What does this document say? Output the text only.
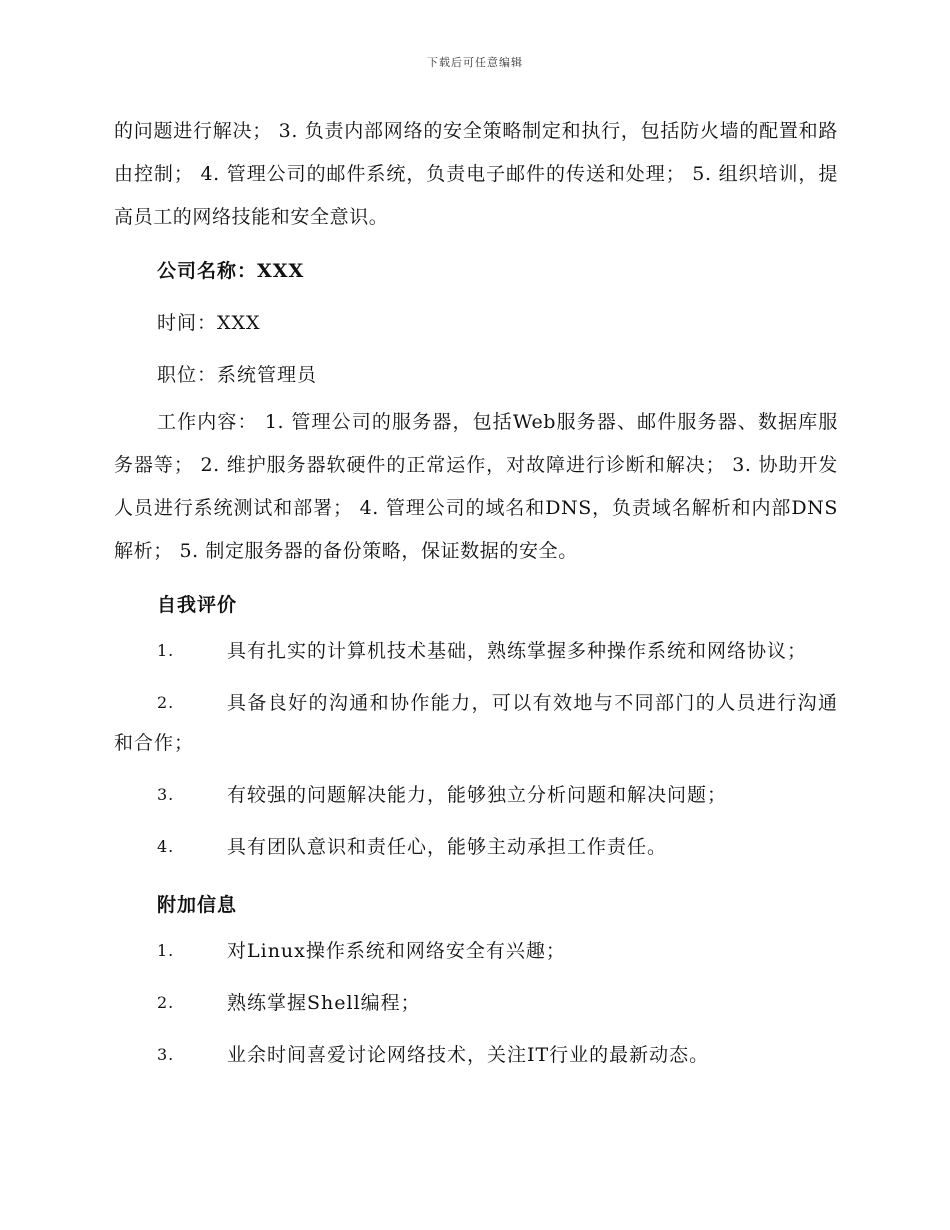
下载后可任意编辑

的问题进行解决； 3. 负责内部网络的安全策略制定和执行，包括防火墙的配置和路由控制； 4. 管理公司的邮件系统，负责电子邮件的传送和处理； 5. 组织培训，提高员工的网络技能和安全意识。

公司名称：XXX
时间：XXX
职位：系统管理员

工作内容： 1. 管理公司的服务器，包括Web服务器、邮件服务器、数据库服务器等； 2. 维护服务器软硬件的正常运作，对故障进行诊断和解决； 3. 协助开发人员进行系统测试和部署； 4. 管理公司的域名和DNS，负责域名解析和内部DNS解析； 5. 制定服务器的备份策略，保证数据的安全。

自我评价
1.	具有扎实的计算机技术基础，熟练掌握多种操作系统和网络协议；
2.	具备良好的沟通和协作能力，可以有效地与不同部门的人员进行沟通和合作；
3.	有较强的问题解决能力，能够独立分析问题和解决问题；
4.	具有团队意识和责任心，能够主动承担工作责任。
附加信息
1.	对Linux操作系统和网络安全有兴趣；
2.	熟练掌握Shell编程；
3.	业余时间喜爱讨论网络技术，关注IT行业的最新动态。
